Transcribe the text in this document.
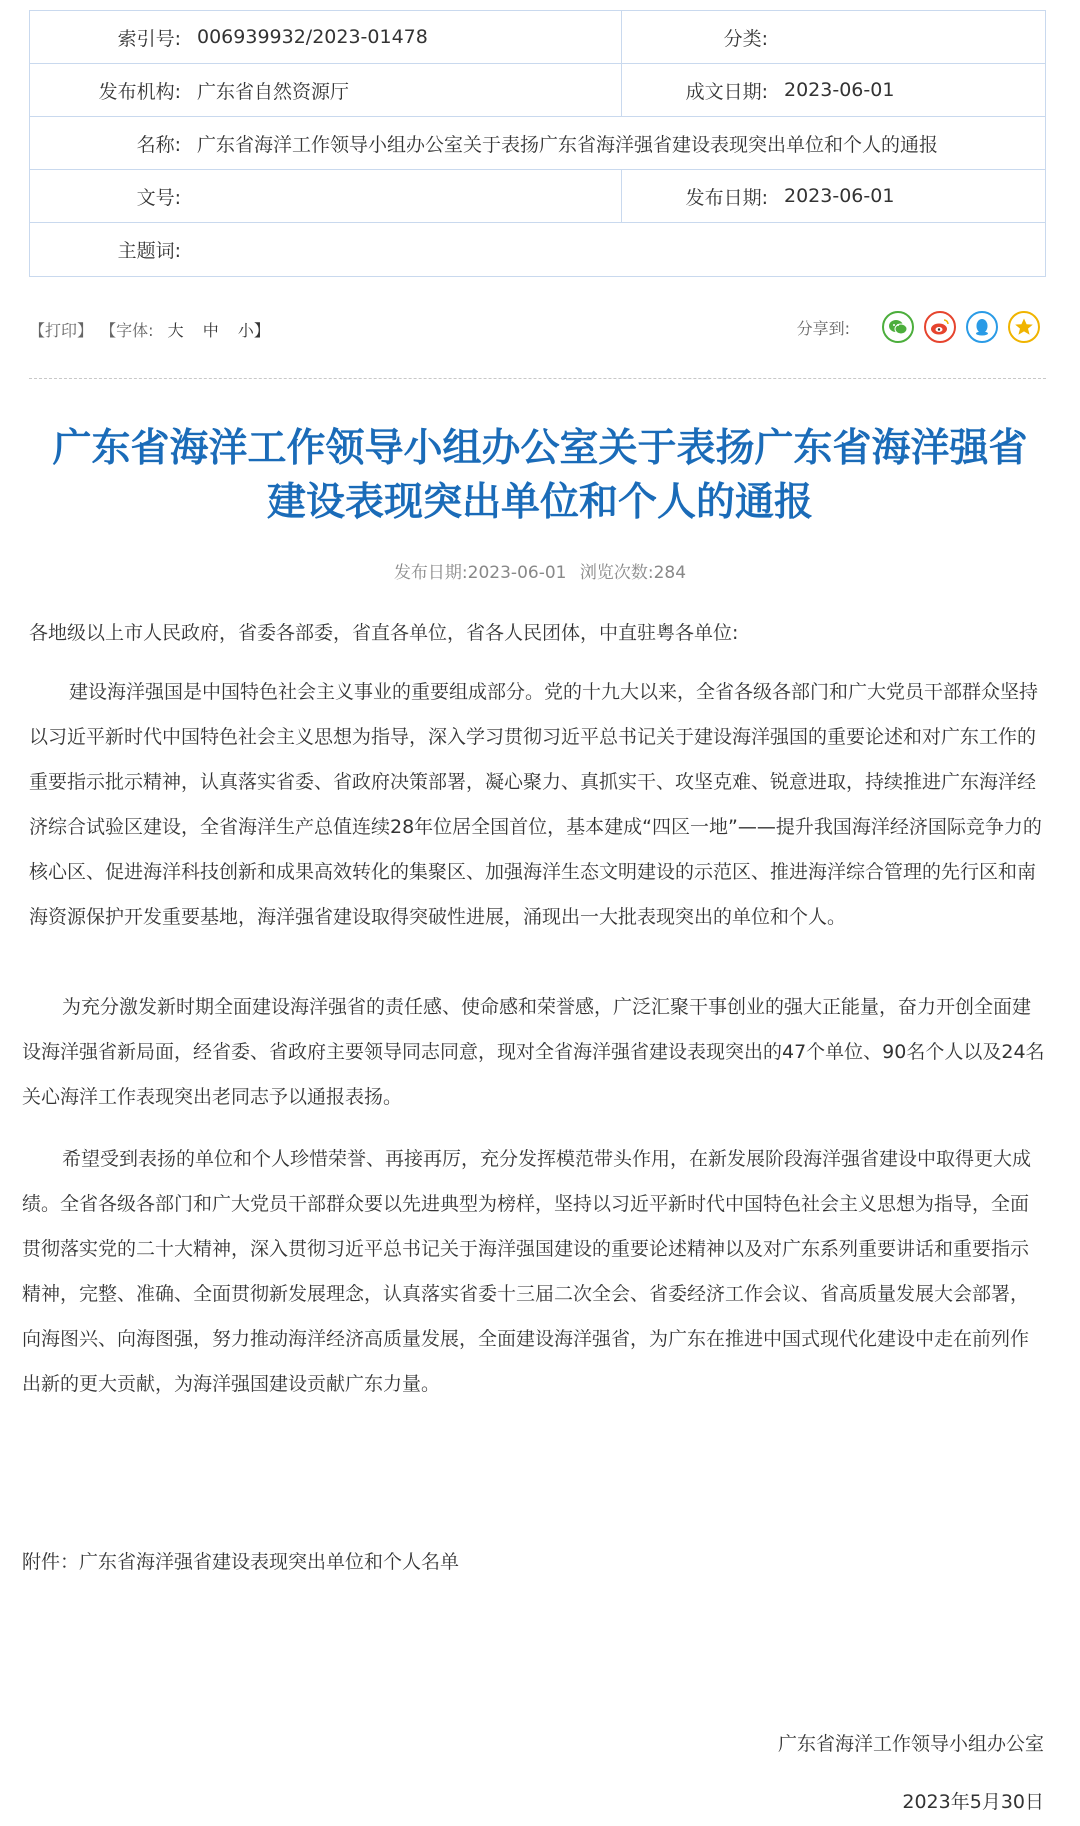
索引号: 006939932/2023-01478	分类:
发布机构: 广东省自然资源厅	成文日期: 2023-06-01
名称: 广东省海洋工作领导小组办公室关于表扬广东省海洋强省建设表现突出单位和个人的通报
文号:	发布日期: 2023-06-01
主题词:
【打印】 【字体: 大 中 小】	分享到:
广东省海洋工作领导小组办公室关于表扬广东省海洋强省
建设表现突出单位和个人的通报
发布日期:2023-06-01 浏览次数:284
各地级以上市人民政府，省委各部委，省直各单位，省各人民团体，中直驻粤各单位:
建设海洋强国是中国特色社会主义事业的重要组成部分。党的十九大以来，全省各级各部门和广大党员干部群众坚持以习近平新时代中国特色社会主义思想为指导，深入学习贯彻习近平总书记关于建设海洋强国的重要论述和对广东工作的重要指示批示精神，认真落实省委、省政府决策部署，凝心聚力、真抓实干、攻坚克难、锐意进取，持续推进广东海洋经济综合试验区建设，全省海洋生产总值连续28年位居全国首位，基本建成“四区一地”——提升我国海洋经济国际竞争力的核心区、促进海洋科技创新和成果高效转化的集聚区、加强海洋生态文明建设的示范区、推进海洋综合管理的先行区和南海资源保护开发重要基地，海洋强省建设取得突破性进展，涌现出一大批表现突出的单位和个人。
为充分激发新时期全面建设海洋强省的责任感、使命感和荣誉感，广泛汇聚干事创业的强大正能量，奋力开创全面建设海洋强省新局面，经省委、省政府主要领导同志同意，现对全省海洋强省建设表现突出的47个单位、90名个人以及24名关心海洋工作表现突出老同志予以通报表扬。
希望受到表扬的单位和个人珍惜荣誉、再接再厉，充分发挥模范带头作用，在新发展阶段海洋强省建设中取得更大成绩。全省各级各部门和广大党员干部群众要以先进典型为榜样，坚持以习近平新时代中国特色社会主义思想为指导，全面贯彻落实党的二十大精神，深入贯彻习近平总书记关于海洋强国建设的重要论述精神以及对广东系列重要讲话和重要指示精神，完整、准确、全面贯彻新发展理念，认真落实省委十三届二次全会、省委经济工作会议、省高质量发展大会部署，向海图兴、向海图强，努力推动海洋经济高质量发展，全面建设海洋强省，为广东在推进中国式现代化建设中走在前列作出新的更大贡献，为海洋强国建设贡献广东力量。
附件：广东省海洋强省建设表现突出单位和个人名单
广东省海洋工作领导小组办公室
2023年5月30日
